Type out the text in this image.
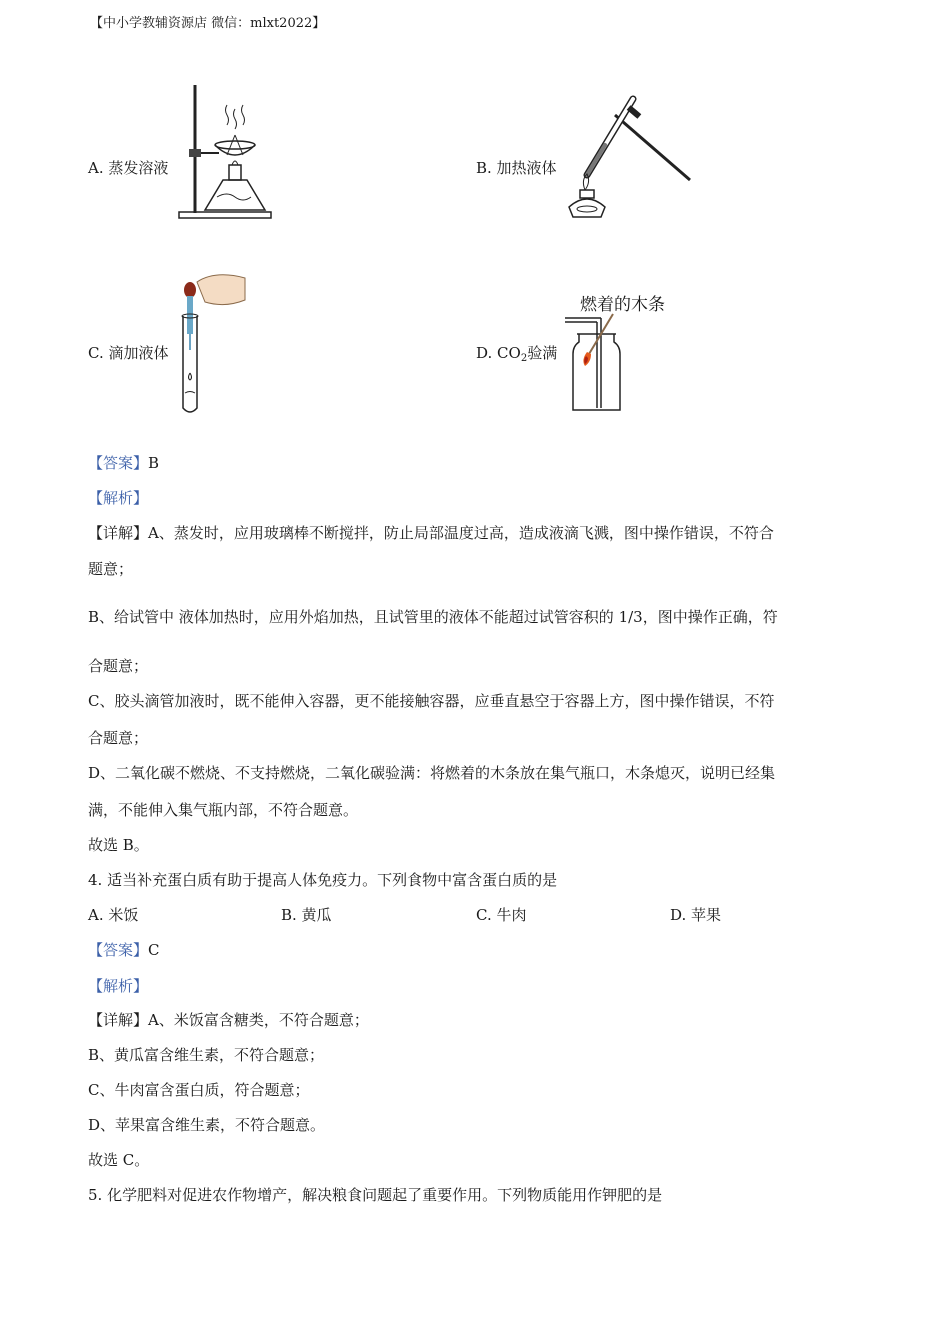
【中小学教辅资源店 微信：mlxt2022】
A. 蒸发溶液	B. 加热液体
C. 滴加液体	D. $CO_2$验满
燃着的木条
【答案】B
【解析】
【详解】A、蒸发时，应用玻璃棒不断搅拌，防止局部温度过高，造成液滴飞溅，图中操作错误，不符合
题意；
B、给试管中 液体加热时，应用外焰加热，且试管里的液体不能超过试管容积的 1/3，图中操作正确，符
合题意；
C、胶头滴管加液时，既不能伸入容器，更不能接触容器，应垂直悬空于容器上方，图中操作错误，不符
合题意；
D、二氧化碳不燃烧、不支持燃烧，二氧化碳验满：将燃着的木条放在集气瓶口，木条熄灭，说明已经集
满，不能伸入集气瓶内部，不符合题意。
故选 B。
4. 适当补充蛋白质有助于提高人体免疫力。下列食物中富含蛋白质的是
A. 米饭	B. 黄瓜	C. 牛肉	D. 苹果
【答案】C
【解析】
【详解】A、米饭富含糖类，不符合题意；
B、黄瓜富含维生素，不符合题意；
C、牛肉富含蛋白质，符合题意；
D、苹果富含维生素，不符合题意。
故选 C。
5. 化学肥料对促进农作物增产，解决粮食问题起了重要作用。下列物质能用作钾肥的是
